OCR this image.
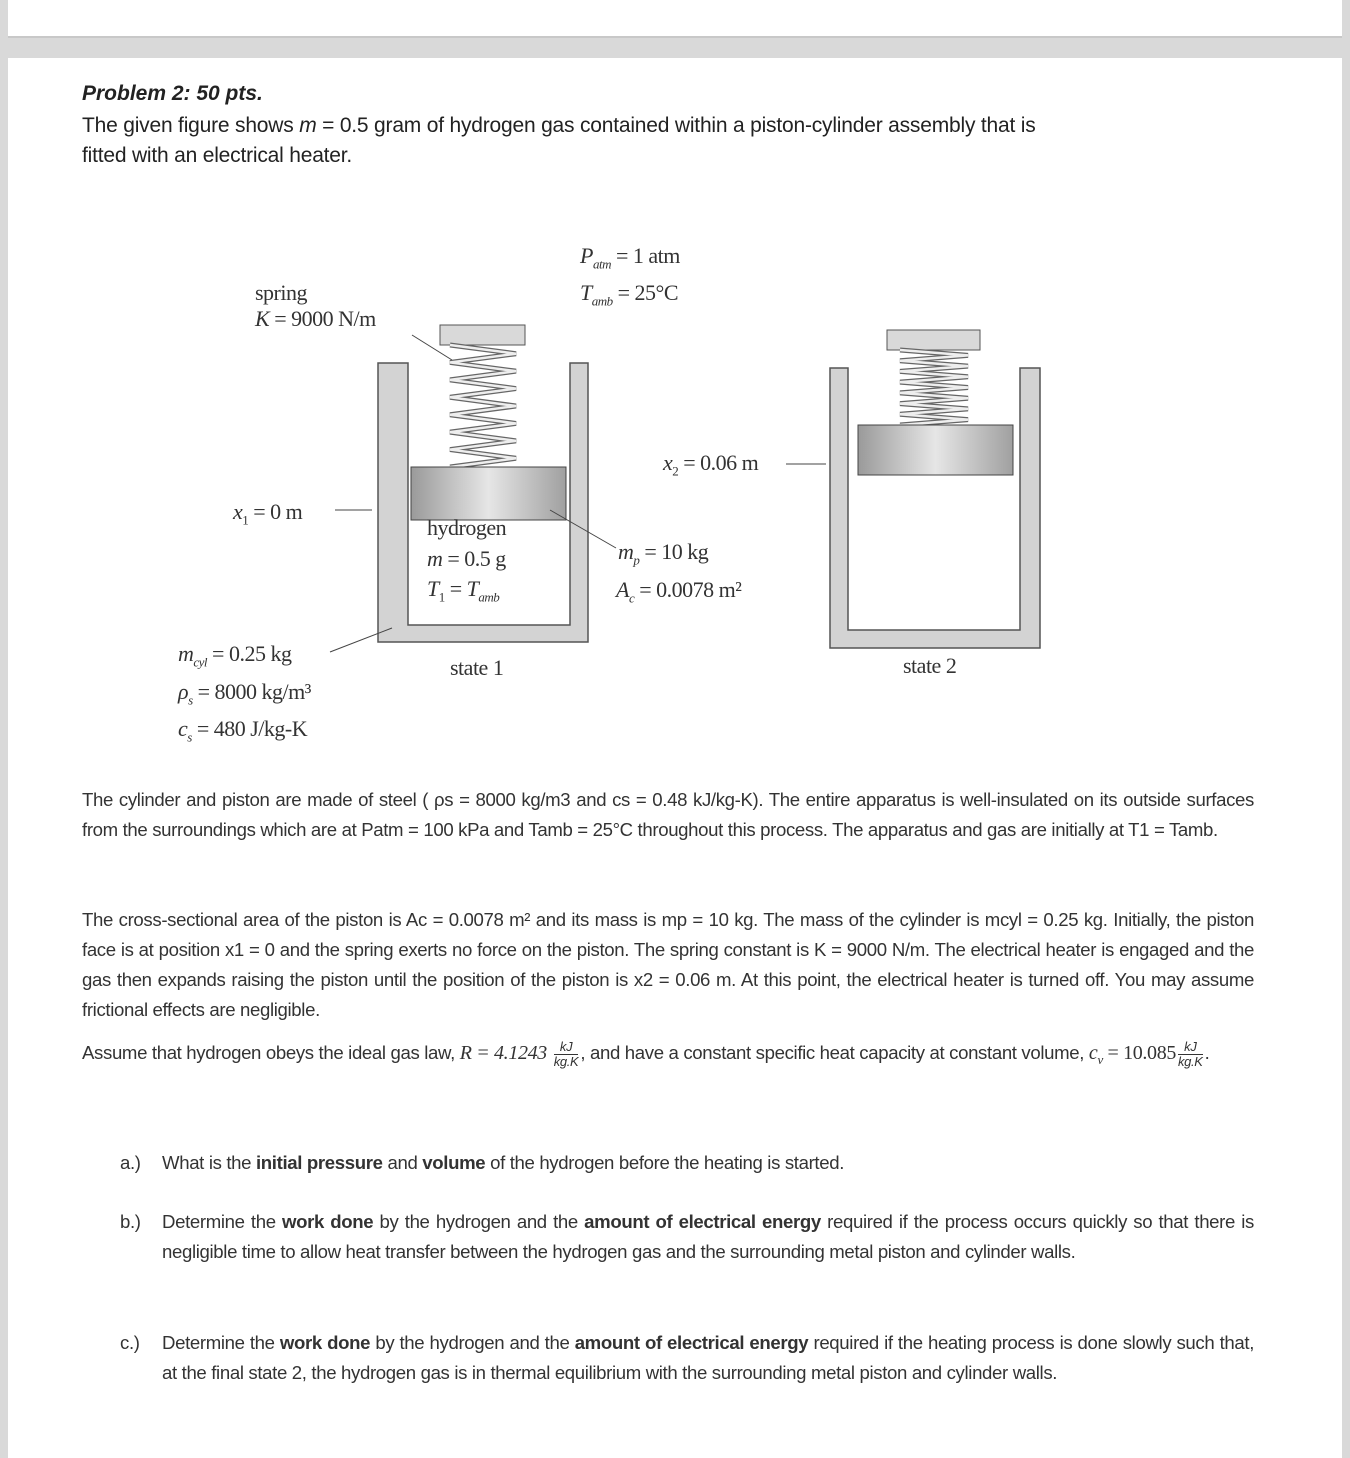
Problem 2: 50 pts.
The given figure shows m = 0.5 gram of hydrogen gas contained within a piston-cylinder assembly that is fitted with an electrical heater.
$P_{atm} = 1$ atm
$T_{amb} = 25^\circ C$
spring
K = 9000 N/m
$x_1 = 0$ m
$x_2 = 0.06$ m
hydrogen
m = 0.5 g
$T_1 = T_{amb}$
$m_p = 10$ kg
$A_c = 0.0078$ m²
$m_{cyl} = 0.25$ kg
$\rho_s = 8000$ kg/m³
$c_s = 480$ J/kg-K
state 1	state 2
The cylinder and piston are made of steel ( ρs = 8000 kg/m3 and cs = 0.48 kJ/kg-K). The entire apparatus is well-insulated on its outside surfaces from the surroundings which are at Patm = 100 kPa and Tamb = 25°C throughout this process. The apparatus and gas are initially at T1 = Tamb.
The cross-sectional area of the piston is Ac = 0.0078 m² and its mass is mp = 10 kg. The mass of the cylinder is mcyl = 0.25 kg. Initially, the piston face is at position x1 = 0 and the spring exerts no force on the piston. The spring constant is K = 9000 N/m. The electrical heater is engaged and the gas then expands raising the piston until the position of the piston is x2 = 0.06 m. At this point, the electrical heater is turned off. You may assume frictional effects are negligible.
Assume that hydrogen obeys the ideal gas law, $R = 4.1243 \frac{kJ}{kg.K}$ , and have a constant specific heat capacity at constant volume, $c_v = 10.085 \frac{kJ}{kg.K}$ .
a.)	What is the initial pressure and volume of the hydrogen before the heating is started.
b.)	Determine the work done by the hydrogen and the amount of electrical energy required if the process occurs quickly so that there is negligible time to allow heat transfer between the hydrogen gas and the surrounding metal piston and cylinder walls.
c.)	Determine the work done by the hydrogen and the amount of electrical energy required if the heating process is done slowly such that, at the final state 2, the hydrogen gas is in thermal equilibrium with the surrounding metal piston and cylinder walls.
